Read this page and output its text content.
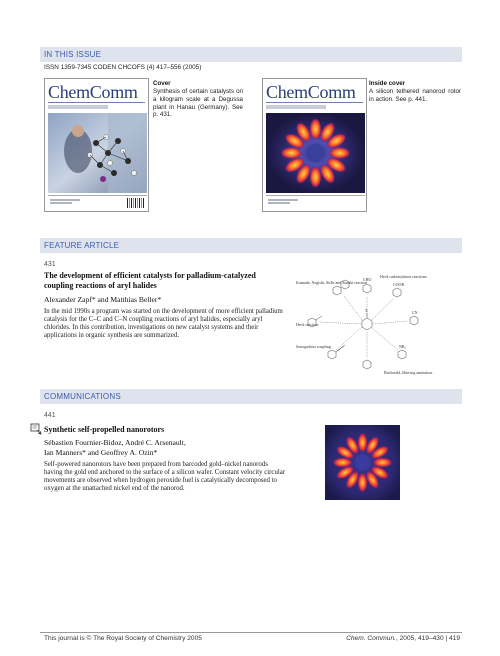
IN THIS ISSUE
ISSN 1359-7345 CODEN CHCOFS (4) 417–556 (2005)
ChemComm Cover
Synthesis of certain catalysts on a kilogram scale at a Degussa plant in Hanau (Germany). See p. 431.
ChemComm Inside cover
A silicon tethered nanorod rotor in action. See p. 441.
FEATURE ARTICLE
431
The development of efficient catalysts for palladium-catalyzed coupling reactions of aryl halides
Alexander Zapf* and Matthias Beller*
In the mid 1990s a program was started on the development of more efficient palladium catalysis for the C–C and C–N coupling reactions of aryl halides, especially aryl chlorides. In this contribution, investigations on new catalyst systems and their applications in organic synthesis are summarized.
Kumada, Negishi, Stille and Suzuki reaction
Heck carbonylation reactions
CHO
COOR
CN
Heck reaction
X
Sonogashira coupling	NR₂
Buchwald–Hartwig amination
COMMUNICATIONS
441
Synthetic self-propelled nanorotors
Sébastien Fournier-Bidoz, André C. Arsenault,
Ian Manners* and Geoffrey A. Ozin*
Self-powered nanorotors have been prepared from barcoded gold–nickel nanorods having the gold end anchored to the surface of a silicon wafer. Constant velocity circular movements are observed when hydrogen peroxide fuel is catalytically decomposed to oxygen at the unattached nickel end of the nanorod.
This journal is © The Royal Society of Chemistry 2005	Chem. Commun., 2005, 419–430 | 419
